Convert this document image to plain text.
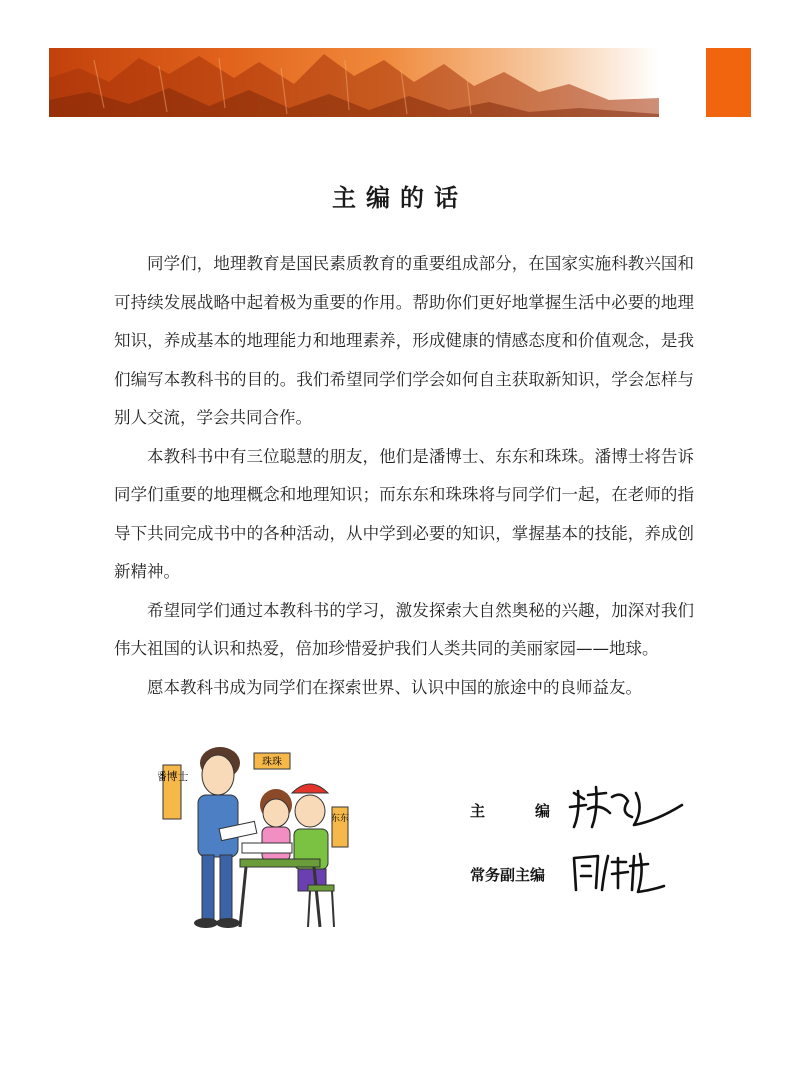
主编的话

同学们，地理教育是国民素质教育的重要组成部分，在国家实施科教兴国和可持续发展战略中起着极为重要的作用。帮助你们更好地掌握生活中必要的地理知识，养成基本的地理能力和地理素养，形成健康的情感态度和价值观念，是我们编写本教科书的目的。我们希望同学们学会如何自主获取新知识，学会怎样与别人交流，学会共同合作。

本教科书中有三位聪慧的朋友，他们是潘博士、东东和珠珠。潘博士将告诉同学们重要的地理概念和地理知识；而东东和珠珠将与同学们一起，在老师的指导下共同完成书中的各种活动，从中学到必要的知识，掌握基本的技能，养成创新精神。

希望同学们通过本教科书的学习，激发探索大自然奥秘的兴趣，加深对我们伟大祖国的认识和热爱，倍加珍惜爱护我们人类共同的美丽家园——地球。

愿本教科书成为同学们在探索世界、认识中国的旅途中的良师益友。

潘博士
珠珠
东东	主	编
常务副主编
